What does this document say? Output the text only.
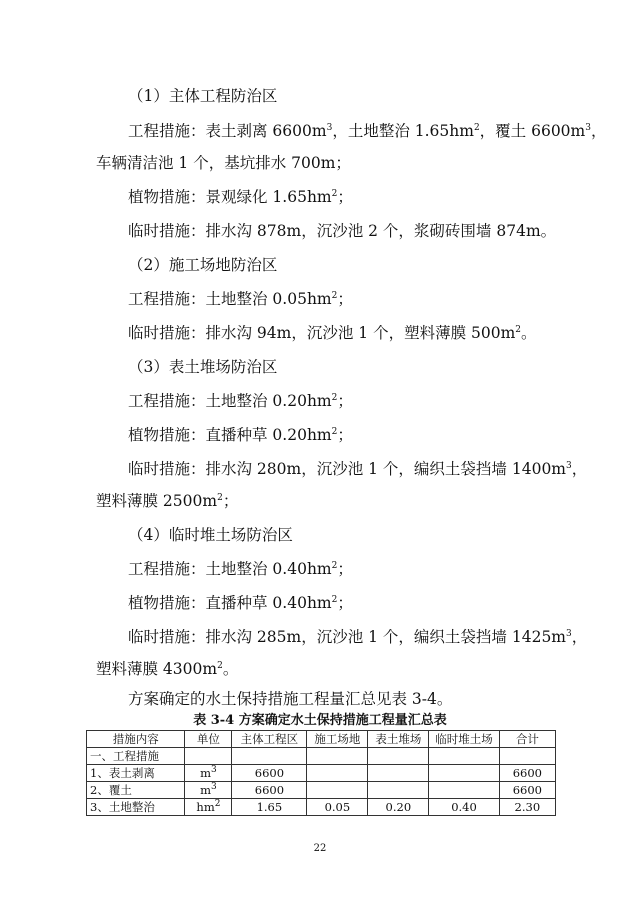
（1）主体工程防治区
工程措施：表土剥离 $6600m^3$，土地整治 $1.65hm^2$，覆土 $6600m^3$，
车辆清洁池 1 个，基坑排水 700m；
植物措施：景观绿化 $1.65hm^2$；
临时措施：排水沟 878m，沉沙池 2 个，浆砌砖围墙 874m。
（2）施工场地防治区
工程措施：土地整治 $0.05hm^2$；
临时措施：排水沟 94m，沉沙池 1 个，塑料薄膜 $500m^2$。
（3）表土堆场防治区
工程措施：土地整治 $0.20hm^2$；
植物措施：直播种草 $0.20hm^2$；
临时措施：排水沟 280m，沉沙池 1 个，编织土袋挡墙 $1400m^3$，
塑料薄膜 $2500m^2$；
（4）临时堆土场防治区
工程措施：土地整治 $0.40hm^2$；
植物措施：直播种草 $0.40hm^2$；
临时措施：排水沟 285m，沉沙池 1 个，编织土袋挡墙 $1425m^3$，
塑料薄膜 $4300m^2$。
方案确定的水土保持措施工程量汇总见表 3-4。
表 3-4 方案确定水土保持措施工程量汇总表
措施内容	单位	主体工程区	施工场地	表土堆场	临时堆土场	合计
一、工程措施						
1、表土剥离	$m^3$	6600				6600
2、覆土	$m^3$	6600				6600
3、土地整治	$hm^2$	1.65	0.05	0.20	0.40	2.30
22
